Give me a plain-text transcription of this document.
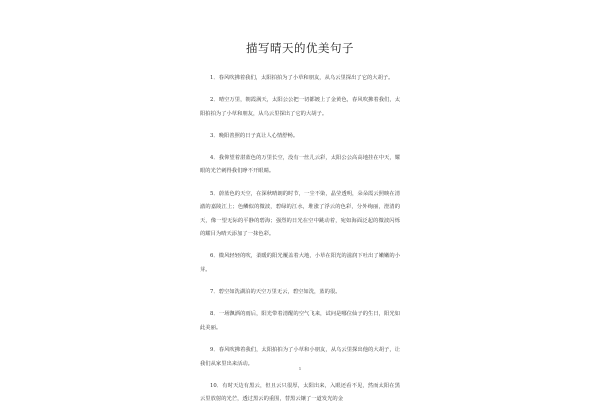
描写晴天的优美句子

1．春风吹拂着我们，太阳拍拍为了小草和朋友，从乌云里探出了它的大胡子。

2．晴空万里，朝霞满天，太阳公公把一切都镀上了金黄色，春风吹拂着我们，太阳拍拍为了小草和朋友，从乌云里探出了它的大胡子。

3．晚阳善照的日子真让人心情舒畅。

4．我仰望着湛蓝色的万里长空，没有一丝儿云彩，太阳公公高高地挂在中天，耀眼的光芒刺得我们睁不开眼睛。

5．蔚蓝色的天空，在深秋晴朗的时节，一尘不染，晶莹透明，朵朵霞云照映在清澈的嘉陵江上；色鳞似的微波，碧绿的江水，堆涨了浮云的色彩，分外绚丽，澄清的天，像一望无际的平静的碧海；强烈的日光在空中跳动着，宛如海面泛起的微波闪烁的耀目为晴天添加了一抹色彩。

6．微风轻轻的吹，柔暖的阳光覆盖着大地，小草在阳光的滋润下吐出了嫩嫩的小芽。

7．碧空如洗湖泊的天空万里无云，碧空如洗，蓝的很。

8．一场飘洒的雨后，阳光带着清醒的空气飞来，试问是哪位仙子的生日，阳光如此美丽。

9．春风吹拂着我们，太阳拍拍为了小草和小朋友，从乌云里探出他的大胡子，让我们从家里出来活动。

10．有时天边有黑云，但且云只很厚，太阳出来，入眼还看不见，然而太阳在黑云里放射的光芒，透过黑云的重围，替黑云镶了一道发光的金

1
